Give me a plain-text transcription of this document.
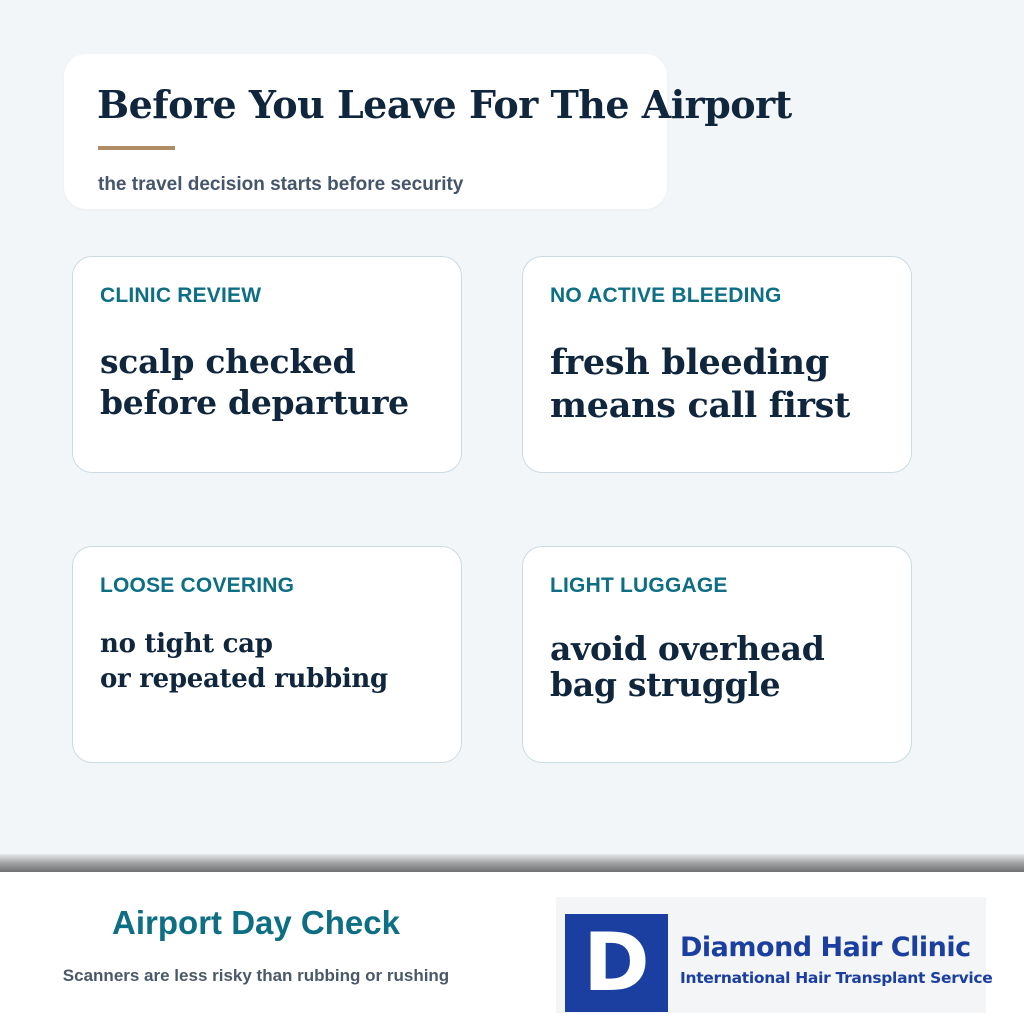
Before You Leave For The Airport
the travel decision starts before security
CLINIC REVIEW

scalp checked
before departure

NO ACTIVE BLEEDING

fresh bleeding
means call first

LOOSE COVERING

no tight cap
or repeated rubbing

LIGHT LUGGAGE

avoid overhead
bag struggle

Airport Day Check
Scanners are less risky than rubbing or rushing	D	Diamond Hair Clinic
International Hair Transplant Service
